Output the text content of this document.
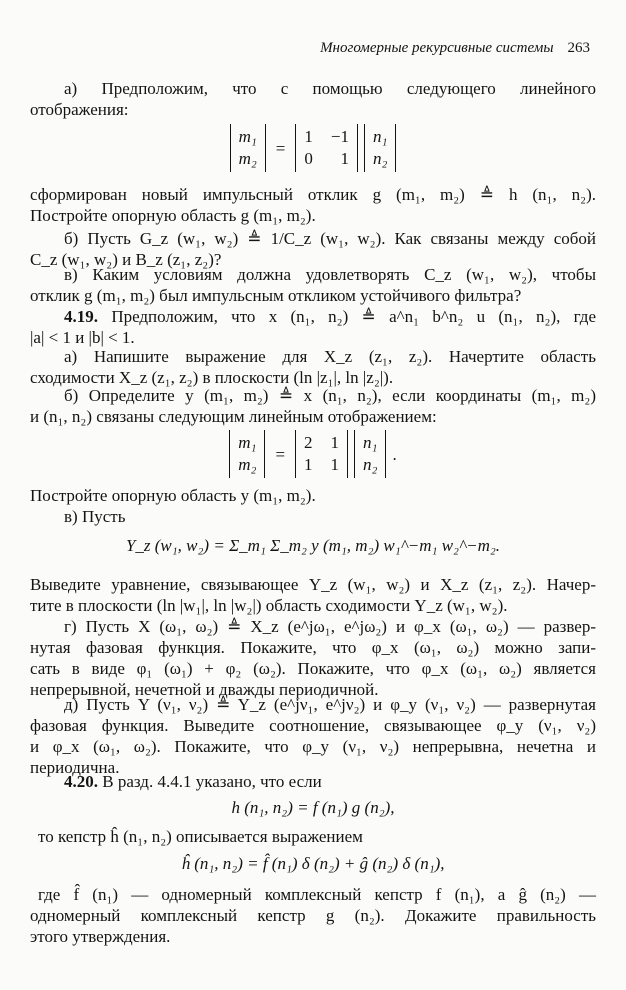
Многомерные рекурсивные системы 263
а) Предположим, что с помощью следующего линейного
отображения:
m₁
m₂
=
1 −1
0 1
n₁
n₂
сформирован новый импульсный отклик g (m₁, m₂) ≜ h (n₁, n₂).
Постройте опорную область g (m₁, m₂).
б) Пусть G_z (w₁, w₂) ≜ 1/C_z (w₁, w₂). Как связаны между собой
C_z (w₁, w₂) и B_z (z₁, z₂)?
в) Каким условиям должна удовлетворять C_z (w₁, w₂), чтобы
отклик g (m₁, m₂) был импульсным откликом устойчивого фильтра?
4.19. Предположим, что x (n₁, n₂) ≜ a^n₁ b^n₂ u (n₁, n₂), где
|a| < 1 и |b| < 1.
а) Напишите выражение для X_z (z₁, z₂). Начертите область
сходимости X_z (z₁, z₂) в плоскости (ln |z₁|, ln |z₂|).
б) Определите y (m₁, m₂) ≜ x (n₁, n₂), если координаты (m₁, m₂)
и (n₁, n₂) связаны следующим линейным отображением:
m₁
m₂
=
2 1
1 1
n₁
n₂
.
Постройте опорную область y (m₁, m₂).
в) Пусть
Y_z (w₁, w₂) = Σ_m₁ Σ_m₂ y (m₁, m₂) w₁^−m₁ w₂^−m₂.
Выведите уравнение, связывающее Y_z (w₁, w₂) и X_z (z₁, z₂). Начер-
тите в плоскости (ln |w₁|, ln |w₂|) область сходимости Y_z (w₁, w₂).
г) Пусть X (ω₁, ω₂) ≜ X_z (e^jω₁, e^jω₂) и φ_x (ω₁, ω₂) — развер-
нутая фазовая функция. Покажите, что φ_x (ω₁, ω₂) можно запи-
сать в виде φ₁ (ω₁) + φ₂ (ω₂). Покажите, что φ_x (ω₁, ω₂) является
непрерывной, нечетной и дважды периодичной.
д) Пусть Y (ν₁, ν₂) ≜ Y_z (e^jν₁, e^jν₂) и φ_y (ν₁, ν₂) — развернутая
фазовая функция. Выведите соотношение, связывающее φ_y (ν₁, ν₂)
и φ_x (ω₁, ω₂). Покажите, что φ_y (ν₁, ν₂) непрерывна, нечетна и
периодична.
4.20. В разд. 4.4.1 указано, что если
h (n₁, n₂) = f (n₁) g (n₂),
то кепстр ĥ (n₁, n₂) описывается выражением
ĥ (n₁, n₂) = f̂ (n₁) δ (n₂) + ĝ (n₂) δ (n₁),
где f̂ (n₁) — одномерный комплексный кепстр f (n₁), а ĝ (n₂) —
одномерный комплексный кепстр g (n₂). Докажите правильность
этого утверждения.
